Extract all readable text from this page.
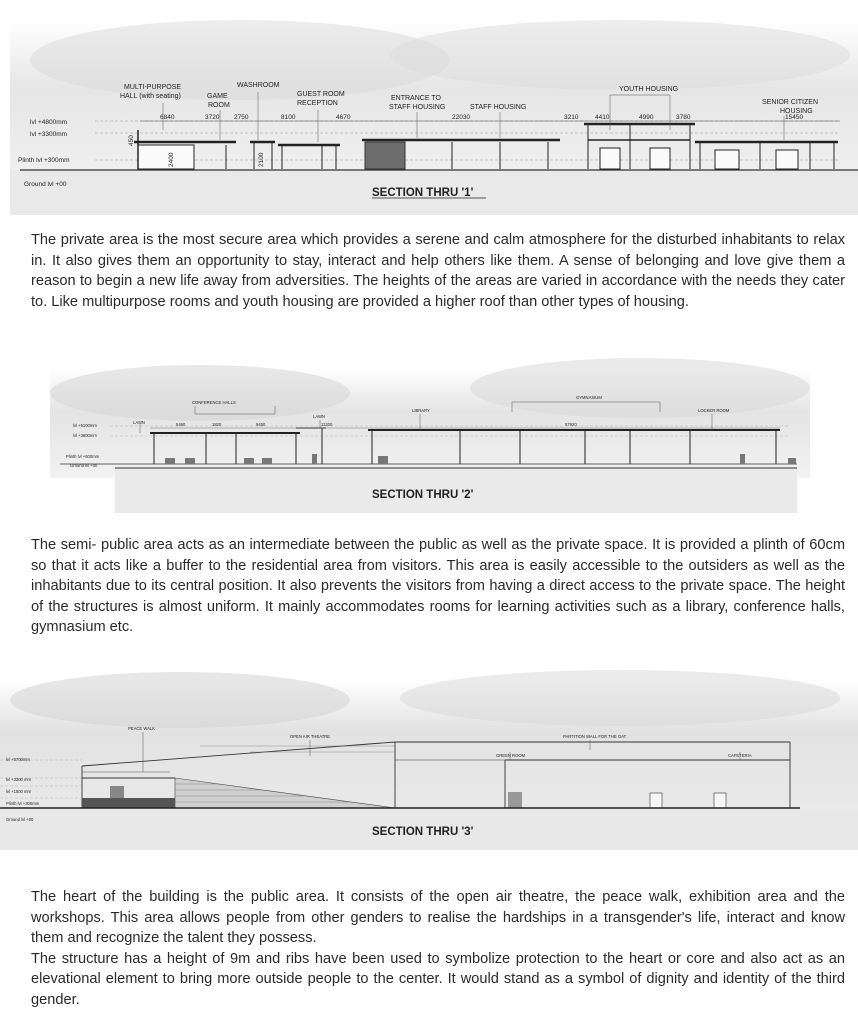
MULTI-PURPOSE
HALL (with seating)	GAME
ROOM
WASHROOM
GUEST ROOM
RECEPTION
ENTRANCE TO
STAFF HOUSING	STAFF HOUSING
YOUTH HOUSING
SENIOR CITIZEN
HOUSING
lvl +4800mm
lvl +3300mm
Plinth lvl +300mm
Ground lvl +00
6840	3720 2750	8100	4670	22030	3210	4410	4990	3780	15450
450
2400	2100
SECTION THRU '1'

The private area is the most secure area which provides a serene and calm atmosphere for the disturbed inhabitants to relax in. It also gives them an opportunity to stay, interact and help others like them. A sense of belonging and love give them a reason to begin a new life away from adversities. The heights of the areas are varied in accordance with the needs they cater to. Like multipurpose rooms and youth housing are provided a higher roof than other types of housing.

CONFERENCE HALLS
LAWN
LAWN
LIBRARY
GYMNASIUM
LOCKER ROOM
5460	1820	9450	11200	57920
lvl +5100mm
lvl +3600mm
Plinth lvl +600mm
Ground lvl +00
SECTION THRU '2'

The semi- public area acts as an intermediate between the public as well as the private space. It is provided a plinth of 60cm so that it acts like a buffer to the residential area from visitors. This area is easily accessible to the outsiders as well as the inhabitants due to its central position. It also prevents the visitors from having a direct access to the private space. The height of the structures is almost uniform. It mainly accommodates rooms for learning activities such as a library, conference halls, gymnasium etc.

PEACE WALK
OPEN AIR THEATRE
GREEN ROOM
PARTITION WALL FOR THE OAT
CAFETERIA
lvl +5700mm
lvl +3300 mm
lvl +1500 mm
Plinth lvl +300mm
Ground lvl +00
SECTION THRU '3'

The heart of the building is the public area. It consists of the open air theatre, the peace walk, exhibition area and the workshops. This area allows people from other genders to realise the hardships in a transgender's life, interact and know them and recognize the talent they possess.

The structure has a height of 9m and ribs have been used to symbolize protection to the heart or core and also act as an elevational element to bring more outside people to the center. It would stand as a symbol of dignity and identity of the third gender.
